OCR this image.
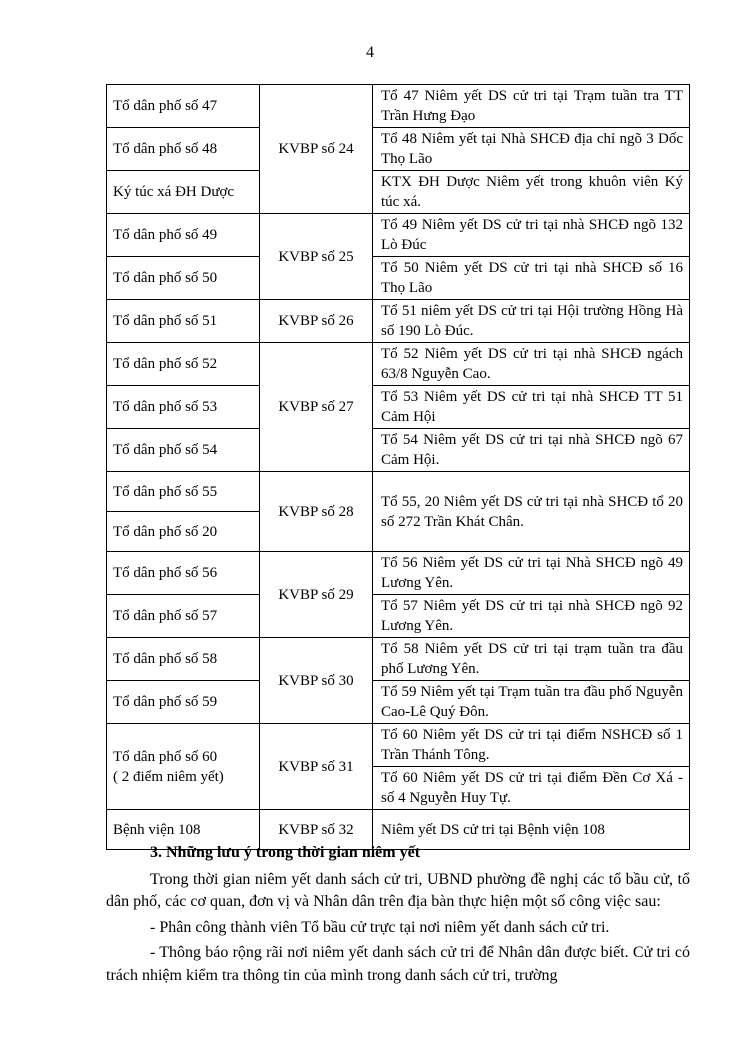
4
Tổ dân phố số 47	KVBP số 24	Tổ 47 Niêm yết DS cử tri tại Trạm tuần tra TT Trần Hưng Đạo
Tổ dân phố số 48		Tổ 48 Niêm yết tại Nhà SHCĐ địa chỉ ngõ 3 Dốc Thọ Lão
Ký túc xá ĐH Dược		KTX ĐH Dược Niêm yết trong khuôn viên Ký túc xá.
Tổ dân phố số 49	KVBP số 25	Tổ 49 Niêm yết DS cử tri tại nhà SHCĐ ngõ 132 Lò Đúc
Tổ dân phố số 50		Tổ 50 Niêm yết DS cử tri tại nhà SHCĐ số 16 Thọ Lão
Tổ dân phố số 51	KVBP số 26	Tổ 51 niêm yết DS cử tri tại Hội trường Hồng Hà số 190 Lò Đúc.
Tổ dân phố số 52	KVBP số 27	Tổ 52 Niêm yết DS cử tri tại nhà SHCĐ ngách 63/8 Nguyễn Cao.
Tổ dân phố số 53		Tổ 53 Niêm yết DS cử tri tại nhà SHCĐ TT 51 Cảm Hội
Tổ dân phố số 54		Tổ 54 Niêm yết DS cử tri tại nhà SHCĐ ngõ 67 Cảm Hội.
Tổ dân phố số 55	KVBP số 28	Tổ 55, 20 Niêm yết DS cử tri tại nhà SHCĐ tổ 20 số 272 Trần Khát Chân.
Tổ dân phố số 20		
Tổ dân phố số 56	KVBP số 29	Tổ 56 Niêm yết DS cử tri tại Nhà SHCĐ ngõ 49 Lương Yên.
Tổ dân phố số 57		Tổ 57 Niêm yết DS cử tri tại nhà SHCĐ ngõ 92 Lương Yên.
Tổ dân phố số 58	KVBP số 30	Tổ 58 Niêm yết DS cử tri tại trạm tuần tra đầu phố Lương Yên.
Tổ dân phố số 59		Tổ 59 Niêm yết tại Trạm tuần tra đầu phố Nguyễn Cao-Lê Quý Đôn.

Tổ dân phố số 60
( 2 điểm niêm yết)	KVBP số 31	Tổ 60 Niêm yết DS cử tri tại điểm NSHCĐ số 1 Trần Thánh Tông.
		Tổ 60 Niêm yết DS cử tri tại điểm Đền Cơ Xá - số 4 Nguyễn Huy Tự.
Bệnh viện 108	KVBP số 32	Niêm yết DS cử tri tại Bệnh viện 108

3. Những lưu ý trong thời gian niêm yết

Trong thời gian niêm yết danh sách cử tri, UBND phường đề nghị các tổ bầu cử, tổ dân phố, các cơ quan, đơn vị và Nhân dân trên địa bàn thực hiện một số công việc sau:

- Phân công thành viên Tổ bầu cử trực tại nơi niêm yết danh sách cử tri.

- Thông báo rộng rãi nơi niêm yết danh sách cử tri để Nhân dân được biết. Cử tri có trách nhiệm kiểm tra thông tin của mình trong danh sách cử tri, trường
